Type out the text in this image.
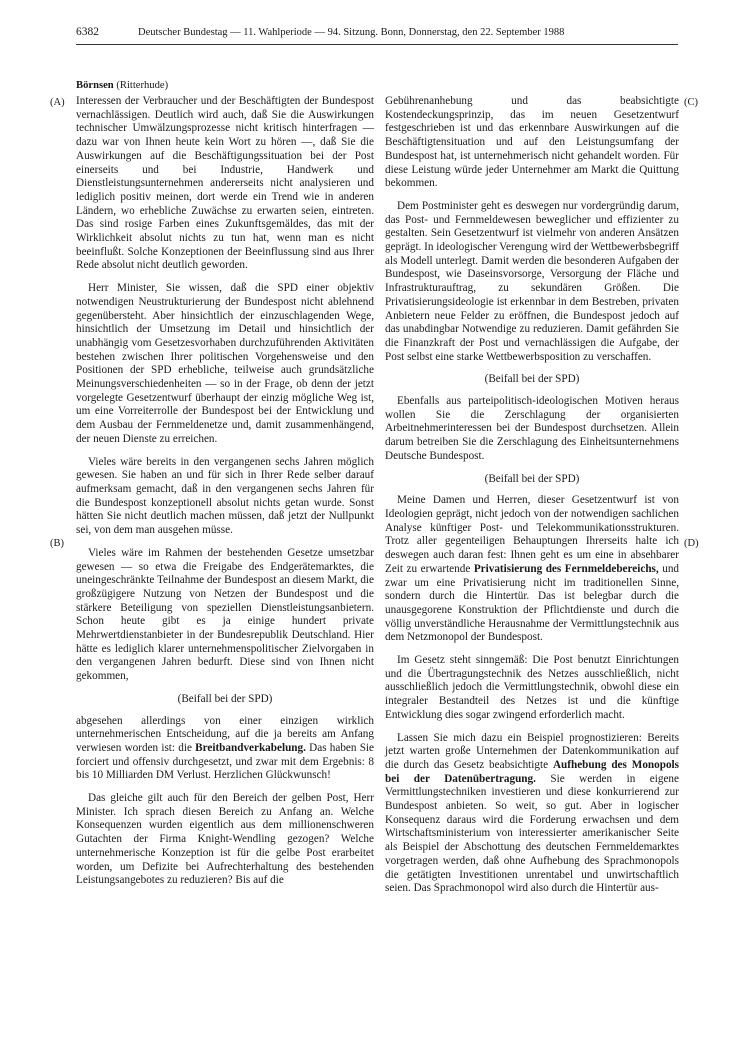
6382	Deutscher Bundestag — 11. Wahlperiode — 94. Sitzung. Bonn, Donnerstag, den 22. September 1988
Börnsen (Ritterhude)
(A)
(B)
(C)
(D)

Interessen der Verbraucher und der Beschäftigten der Bundespost vernachlässigen. Deutlich wird auch, daß Sie die Auswirkungen technischer Umwälzungsprozesse nicht kritisch hinterfragen — dazu war von Ihnen heute kein Wort zu hören —, daß Sie die Auswirkungen auf die Beschäftigungssituation bei der Post einerseits und bei Industrie, Handwerk und Dienstleistungsunternehmen andererseits nicht analysieren und lediglich positiv meinen, dort werde ein Trend wie in anderen Ländern, wo erhebliche Zuwächse zu erwarten seien, eintreten. Das sind rosige Farben eines Zukunftsgemäldes, das mit der Wirklichkeit absolut nichts zu tun hat, wenn man es nicht beeinflußt. Solche Konzeptionen der Beeinflussung sind aus Ihrer Rede absolut nicht deutlich geworden.

Herr Minister, Sie wissen, daß die SPD einer objektiv notwendigen Neustrukturierung der Bundespost nicht ablehnend gegenübersteht. Aber hinsichtlich der einzuschlagenden Wege, hinsichtlich der Umsetzung im Detail und hinsichtlich der unabhängig vom Gesetzesvorhaben durchzuführenden Aktivitäten bestehen zwischen Ihrer politischen Vorgehensweise und den Positionen der SPD erhebliche, teilweise auch grundsätzliche Meinungsverschiedenheiten — so in der Frage, ob denn der jetzt vorgelegte Gesetzentwurf überhaupt der einzig mögliche Weg ist, um eine Vorreiterrolle der Bundespost bei der Entwicklung und dem Ausbau der Fernmeldenetze und, damit zusammenhängend, der neuen Dienste zu erreichen.

Vieles wäre bereits in den vergangenen sechs Jahren möglich gewesen. Sie haben an und für sich in Ihrer Rede selber darauf aufmerksam gemacht, daß in den vergangenen sechs Jahren für die Bundespost konzeptionell absolut nichts getan wurde. Sonst hätten Sie nicht deutlich machen müssen, daß jetzt der Nullpunkt sei, von dem man ausgehen müsse.

Vieles wäre im Rahmen der bestehenden Gesetze umsetzbar gewesen — so etwa die Freigabe des Endgerätemarktes, die uneingeschränkte Teilnahme der Bundespost an diesem Markt, die großzügigere Nutzung von Netzen der Bundespost und die stärkere Beteiligung von speziellen Dienstleistungsanbietern. Schon heute gibt es ja einige hundert private Mehrwertdienstanbieter in der Bundesrepublik Deutschland. Hier hätte es lediglich klarer unternehmenspolitischer Zielvorgaben in den vergangenen Jahren bedurft. Diese sind von Ihnen nicht gekommen,

(Beifall bei der SPD)

abgesehen allerdings von einer einzigen wirklich unternehmerischen Entscheidung, auf die ja bereits am Anfang verwiesen worden ist: die Breitbandverkabelung. Das haben Sie forciert und offensiv durchgesetzt, und zwar mit dem Ergebnis: 8 bis 10 Milliarden DM Verlust. Herzlichen Glückwunsch!

Das gleiche gilt auch für den Bereich der gelben Post, Herr Minister. Ich sprach diesen Bereich zu Anfang an. Welche Konsequenzen wurden eigentlich aus dem millionenschweren Gutachten der Firma Knight-Wendling gezogen? Welche unternehmerische Konzeption ist für die gelbe Post erarbeitet worden, um Defizite bei Aufrechterhaltung des bestehenden Leistungsangebotes zu reduzieren? Bis auf die

Gebührenanhebung und das beabsichtigte Kostendeckungsprinzip, das im neuen Gesetzentwurf festgeschrieben ist und das erkennbare Auswirkungen auf die Beschäftigtensituation und auf den Leistungsumfang der Bundespost hat, ist unternehmerisch nicht gehandelt worden. Für diese Leistung würde jeder Unternehmer am Markt die Quittung bekommen.

Dem Postminister geht es deswegen nur vordergründig darum, das Post- und Fernmeldewesen beweglicher und effizienter zu gestalten. Sein Gesetzentwurf ist vielmehr von anderen Ansätzen geprägt. In ideologischer Verengung wird der Wettbewerbsbegriff als Modell unterlegt. Damit werden die besonderen Aufgaben der Bundespost, wie Daseinsvorsorge, Versorgung der Fläche und Infrastrukturauftrag, zu sekundären Größen. Die Privatisierungsideologie ist erkennbar in dem Bestreben, privaten Anbietern neue Felder zu eröffnen, die Bundespost jedoch auf das unabdingbar Notwendige zu reduzieren. Damit gefährden Sie die Finanzkraft der Post und vernachlässigen die Aufgabe, der Post selbst eine starke Wettbewerbsposition zu verschaffen.

(Beifall bei der SPD)

Ebenfalls aus parteipolitisch-ideologischen Motiven heraus wollen Sie die Zerschlagung der organisierten Arbeitnehmerinteressen bei der Bundespost durchsetzen. Allein darum betreiben Sie die Zerschlagung des Einheitsunternehmens Deutsche Bundespost.

(Beifall bei der SPD)

Meine Damen und Herren, dieser Gesetzentwurf ist von Ideologien geprägt, nicht jedoch von der notwendigen sachlichen Analyse künftiger Post- und Telekommunikationsstrukturen. Trotz aller gegenteiligen Behauptungen Ihrerseits halte ich deswegen auch daran fest: Ihnen geht es um eine in absehbarer Zeit zu erwartende Privatisierung des Fernmeldebereichs, und zwar um eine Privatisierung nicht im traditionellen Sinne, sondern durch die Hintertür. Das ist belegbar durch die unausgegorene Konstruktion der Pflichtdienste und durch die völlig unverständliche Herausnahme der Vermittlungstechnik aus dem Netzmonopol der Bundespost.

Im Gesetz steht sinngemäß: Die Post benutzt Einrichtungen und die Übertragungstechnik des Netzes ausschließlich, nicht ausschließlich jedoch die Vermittlungstechnik, obwohl diese ein integraler Bestandteil des Netzes ist und die künftige Entwicklung dies sogar zwingend erforderlich macht.

Lassen Sie mich dazu ein Beispiel prognostizieren: Bereits jetzt warten große Unternehmen der Datenkommunikation auf die durch das Gesetz beabsichtigte Aufhebung des Monopols bei der Datenübertragung. Sie werden in eigene Vermittlungstechniken investieren und diese konkurrierend zur Bundespost anbieten. So weit, so gut. Aber in logischer Konsequenz daraus wird die Forderung erwachsen und dem Wirtschaftsministerium von interessierter amerikanischer Seite als Beispiel der Abschottung des deutschen Fernmeldemarktes vorgetragen werden, daß ohne Aufhebung des Sprachmonopols die getätigten Investitionen unrentabel und unwirtschaftlich seien. Das Sprachmonopol wird also durch die Hintertür aus-
